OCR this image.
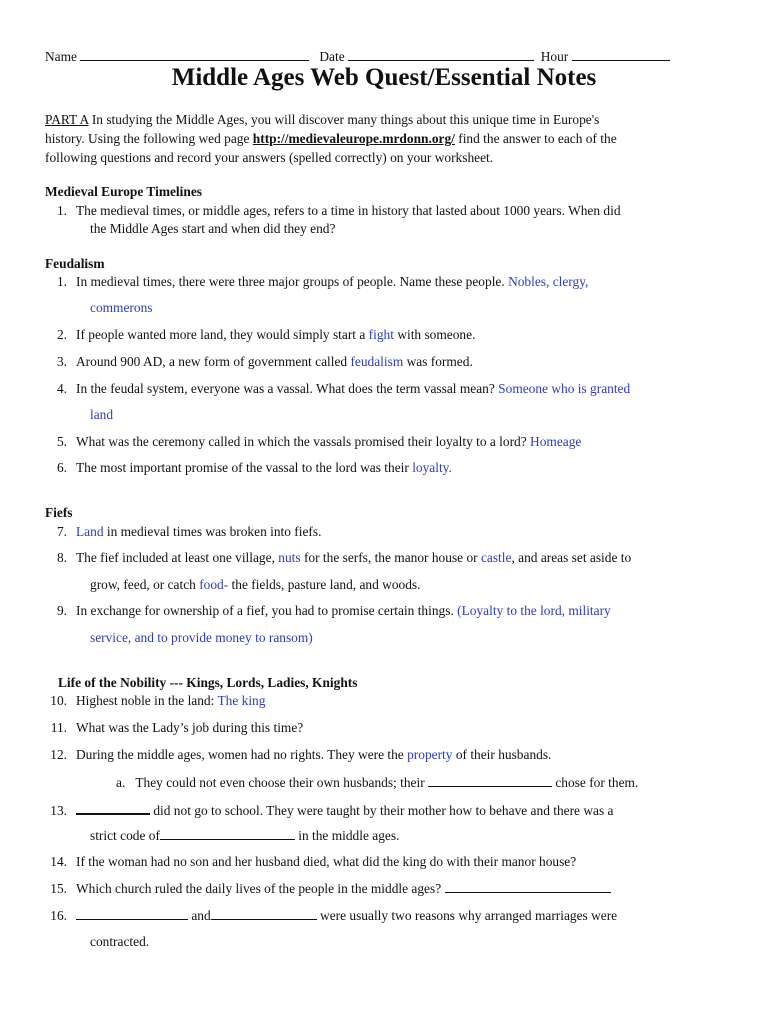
Name	Date	Hour
Middle Ages Web Quest/Essential Notes
PART A In studying the Middle Ages, you will discover many things about this unique time in Europe's
history. Using the following wed page http://medievaleurope.mrdonn.org/ find the answer to each of the
following questions and record your answers (spelled correctly) on your worksheet.
Medieval Europe Timelines
1. The medieval times, or middle ages, refers to a time in history that lasted about 1000 years. When did
the Middle Ages start and when did they end?
Feudalism
1. In medieval times, there were three major groups of people. Name these people. Nobles, clergy,
commerons
2. If people wanted more land, they would simply start a fight with someone.
3. Around 900 AD, a new form of government called feudalism was formed.
4. In the feudal system, everyone was a vassal. What does the term vassal mean? Someone who is granted
land
5. What was the ceremony called in which the vassals promised their loyalty to a lord? Homeage
6. The most important promise of the vassal to the lord was their loyalty.
Fiefs
7. Land in medieval times was broken into fiefs.
8. The fief included at least one village, nuts for the serfs, the manor house or castle, and areas set aside to
grow, feed, or catch food- the fields, pasture land, and woods.
9. In exchange for ownership of a fief, you had to promise certain things. (Loyalty to the lord, military
service, and to provide money to ransom)
Life of the Nobility --- Kings, Lords, Ladies, Knights
10. Highest noble in the land: The king
11. What was the Lady’s job during this time?
12. During the middle ages, women had no rights. They were the property of their husbands.
a. They could not even choose their own husbands; their	chose for them.
13.	did not go to school. They were taught by their mother how to behave and there was a
strict code of	in the middle ages.
14. If the woman had no son and her husband died, what did the king do with their manor house?
15. Which church ruled the daily lives of the people in the middle ages?
16.	and	were usually two reasons why arranged marriages were
contracted.
